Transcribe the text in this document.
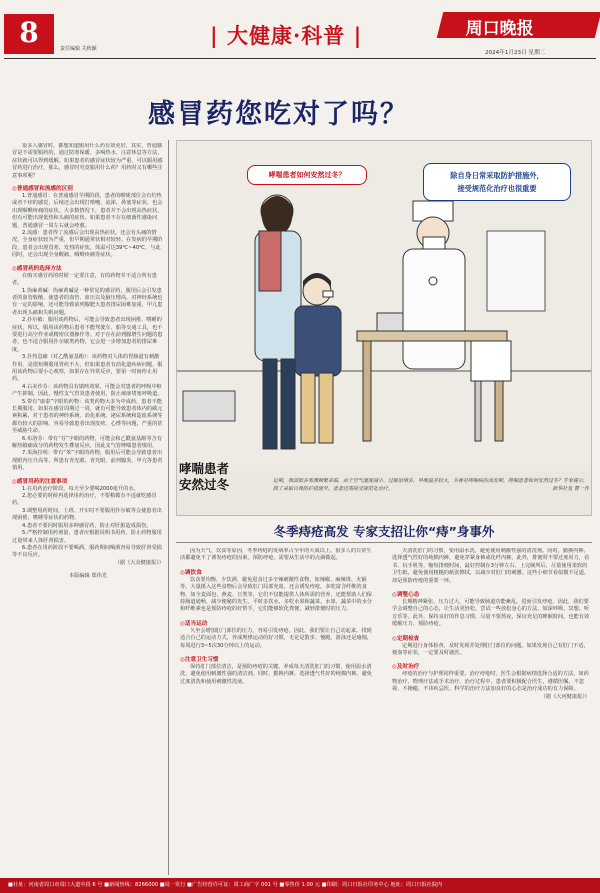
8	责任编辑 关秋颖
| 大健康·科普 |	周口晚报
2024年1月23日 星期二
感冒药您吃对了吗？

很多人感冒时，都想知道服用什么药有效更好，其实，普通感冒是不需要服药的，通过防寒保暖、多喝热水、注意休息等方法，症状就可以得到缓解。如果患者的感冒症状较为严重，可以服用感冒药进行治疗，那么，感冒时究竟服用什么药？用药时又有哪些注意事项呢？

◎普通感冒和流感的区别

1.普通感冒：在普通感冒早期阶段，患者的喉咙部位会有灼热或者干痒的感觉，后续还会出现打喷嚏、流涕、鼻塞等症状，也会出现咽喉疼痛的症状。大多数情况下，患者并不会出现高热症状，但有可能出现低热和头痛的症状。如果患者不存在细菌性感染问题，普通感冒一周左右就会痊愈。

2.流感：患者得了流感后会出现高热症状，还会有头痛的情况，全身症状较为严重，但早期通常状相对较轻。在发病的早期阶段，患者会出现畏寒、发热的症状，体温可达39℃~40℃，与此同时，还会出现全身酸痛、咽喉疼痛等症状。

◎感冒药的选择方法

在购买感冒药的时候一定要注意，有的药物并不适合所有患者。

1.伪麻黄碱：伪麻黄碱是一种常见的感冒药，服用后会引发患者的血管收缩，使患者的血管、血压以及脑压增高，对神经系统也有一定的影响，还可能导致前列腺肥大患者排尿困难加重，甲亢患者出现头痛和失眠问题。

2.扑尔敏：服用该药物后，可能会导致患者出现困倦、嗜睡的症状，所以，服用该药物后患者不能驾驶车、船等交通工具，也不要进行高空作业或精密仪器操作等。对于存在前列腺增生问题的患者，也不适合服用扑尔敏类药物，它会进一步增加患者的排尿难度。

3.扑热息痛（对乙酰氨基酚）：该药物对人体的胃肠道有刺激作用，是很短期服用胃疾不大，但如果患者有消化道疾病问题，服用该药物后要小心观察，如果存在异常反应，要第一时间停止用药。

4.右美沙芬：该药物具有镇咳效果，可能会对患者的呼吸中枢产生抑制，因此，慢性支气管炎患者使用，防止痰液堵塞呼吸道。

5.带有“康泰”字眼的药物：该类药物大多为中成药，患者不能长期服用。如果在感冒周期过一周，就有可能导致患者体内的碳元素积累，对于患者的神经系统、消化系统、泌尿系统和造血系统等都有较大的影响。容易导致患者出现皮疹、心悸等问题，严重的甚至威胁生命。

6.布洛芬：带有“芬”字眼的药物，可能会和乙酰氨基酚等含有解热镇痛成分的药物发生叠加反应，因此支气管哮喘患者慎用。

7.苯海拉明：带有“苯”字眼的药物，服用后可能会导致患者出现眼内压升高等，所患有青光眼、青光眼、前列腺炎、甲亢等患者慎用。

◎感冒用药的注意事项

1.在用药治疗阶段，每天至少要喝2000毫升的水。

2.您必要的时候再选择用药治疗，不要稍微有不适就吃感冒药。

3.调整用药时间，上班、开车时不要服用扑尔敏等会使患者出现困倦、嗜睡等症状的药物。

4.患者不要同时服用多种感冒药，防止对肝脏造成损伤。

5.严格控制用药剂量，患者应根据说明书用药，防止药物服用过量带来人体肝肾损害。

6.患者在用药阶段不要喝酒，服药期间喝酒容易导致肝肾受损等不良反应。

（据《大众健康报》）

本版编辑 郑伟光

哮喘患者如何安然过冬？	除自身日常采取防护措施外，
接受规范化治疗也很重要
哮喘患者
安然过冬	近期，我国很多寒潮频繁来临，由于空气湿度减小、过敏原增多，早晚温差较大，冬春是哮喘病的高发期。哮喘患者如何安然过冬？专家提示，除了采取自我防护措施外，患者还需接受规范化治疗。	新华社发 曹一作
冬季痔疮高发 专家支招让你“痔”身事外

因为天气、饮食等原因，冬季痔疮的发病率占全年的大成以上。很多人的日常生活都避免不了诱发痔疮的因素。预防痔疮，需要从生活中的点滴做起。

◎调饮食

饮食要均衡，少饮酒，避免进食过多辛辣刺激性食物，如辣椒、麻辣烫、火锅等。大量摄入这些食物后会导致肛门局部充血，还会诱发痔疮。多吃富含纤维的食物，如全麦面包、燕麦、豆类等，它们不仅能提供人体所需的营养，还能帮助人们保持肠道通畅，减少便秘的发生。平时多饮水，多吃水果和蔬菜，水果、蔬菜中的水分和纤维素也是预防痔疮的好帮手，它们能够软化粪便，减轻排便时的压力。

◎适当运动

久坐会增加肛门部位的压力，容易引发痔疮。因此，我们要让自己动起来。找到适合自己的运动方式，养成规律运动的好习惯，无论是散步、慢跑、游泳还是瑜伽，每周进行3~5次30分钟以上的运动。

◎注意卫生习惯

保持肛门部位清洁，是预防痔疮的关键。养成每天清洗肛门的习惯，使用温水清洗，避免使用刺激性强的清洁剂。同时，勤换内裤，选择透气性好的纯棉内裤。避免过度清洗和使用刺激性洗液。

天清洗肛门的习惯，要用温水洗，避免使用刺激性强的清洗剂。同时，勤换内裤，选择透气性好的纯棉内裤，避免穿紧身裤或化纤内裤。此外，排便时不要过度用力，看书、玩手机等，缩短排便时间，最好控制在3分钟左右。上完厕所后，尽量使用柔软的卫生纸，避免使用粗糙的纸张擦拭，以减少对肛门的刺激。这些小细节看似微不足道，却是预防痔疮的重要一环。

◎调整心态

长期精神紧张、压力过大，可能导致肠道功能紊乱，进而引发痔疮。因此，我们要学会调整自己的心态，让生活更轻松。尝试一些放松身心的方法，如深呼吸、冥想、听音乐等。此外，保持良好的作息习惯，尽量不要熬夜，保证充足的睡眠时间，也能有效缓解压力、预防痔疮。

◎定期检查

定期进行身体检查，及时发现并处理肛门部位的问题。如果发现自己有肛门不适，便血等症状，一定要及时就医。

◎及时治疗

痔疮的治疗与护理同样重要。治疗痔疮时，医生会根据病情选择合适的方法，如药物治疗、物理疗法或手术治疗。治疗过程中，患者要积极配合医生，遵循医嘱，不忽视、不掩瘾，不讳疾忌医，科学的治疗方法加良好的心态是治疗成功的有力保障。

（据《大河健康报》）

■社址：河南省周口市周口大道中段 6 号 ■新闻热线：8266000 ■周一发行 ■广告经营许可证：周工商广字 001 号 ■零售价 1.00 元 ■印刷：周口日报社印务中心 地址：周口日报社院内
